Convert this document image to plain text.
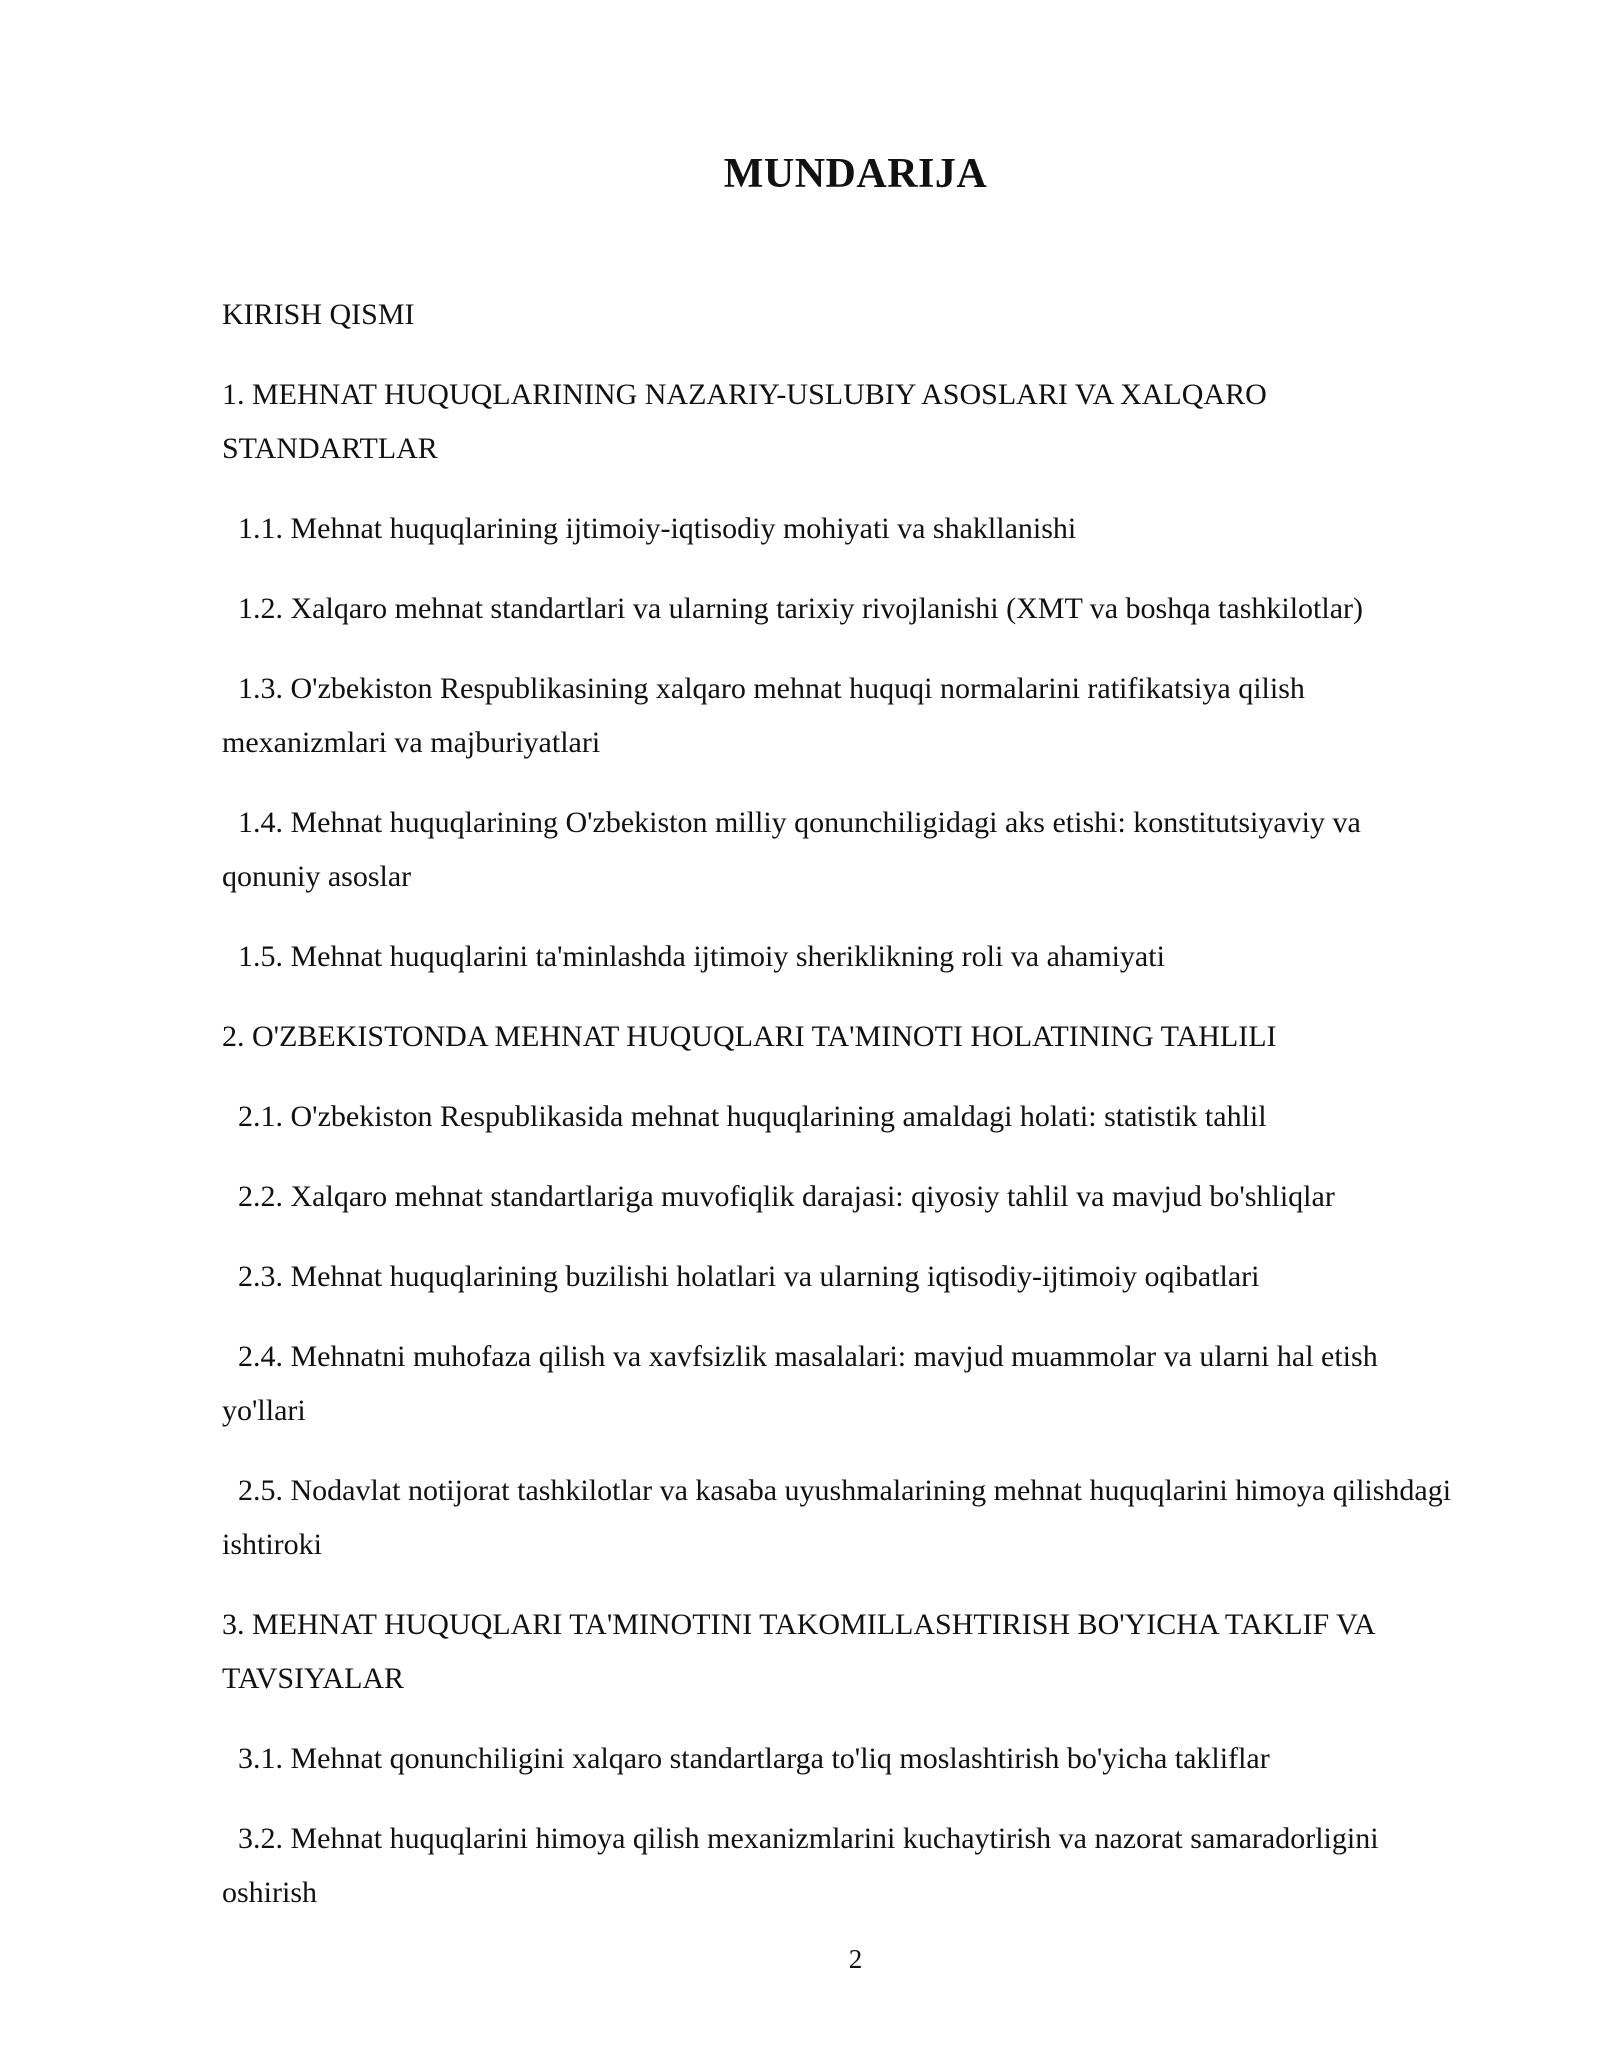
MUNDARIJA
KIRISH QISMI
1. MEHNAT HUQUQLARINING NAZARIY-USLUBIY ASOSLARI VA XALQARO STANDARTLAR
1.1. Mehnat huquqlarining ijtimoiy-iqtisodiy mohiyati va shakllanishi
1.2. Xalqaro mehnat standartlari va ularning tarixiy rivojlanishi (XMT va boshqa tashkilotlar)
1.3. O'zbekiston Respublikasining xalqaro mehnat huquqi normalarini ratifikatsiya qilish mexanizmlari va majburiyatlari
1.4. Mehnat huquqlarining O'zbekiston milliy qonunchiligidagi aks etishi: konstitutsiyaviy va qonuniy asoslar
1.5. Mehnat huquqlarini ta'minlashda ijtimoiy sheriklikning roli va ahamiyati
2. O'ZBEKISTONDA MEHNAT HUQUQLARI TA'MINOTI HOLATINING TAHLILI
2.1. O'zbekiston Respublikasida mehnat huquqlarining amaldagi holati: statistik tahlil
2.2. Xalqaro mehnat standartlariga muvofiqlik darajasi: qiyosiy tahlil va mavjud bo'shliqlar
2.3. Mehnat huquqlarining buzilishi holatlari va ularning iqtisodiy-ijtimoiy oqibatlari
2.4. Mehnatni muhofaza qilish va xavfsizlik masalalari: mavjud muammolar va ularni hal etish yo'llari
2.5. Nodavlat notijorat tashkilotlar va kasaba uyushmalarining mehnat huquqlarini himoya qilishdagi ishtiroki
3. MEHNAT HUQUQLARI TA'MINOTINI TAKOMILLASHTIRISH BO'YICHA TAKLIF VA TAVSIYALAR
3.1. Mehnat qonunchiligini xalqaro standartlarga to'liq moslashtirish bo'yicha takliflar
3.2. Mehnat huquqlarini himoya qilish mexanizmlarini kuchaytirish va nazorat samaradorligini oshirish
2
